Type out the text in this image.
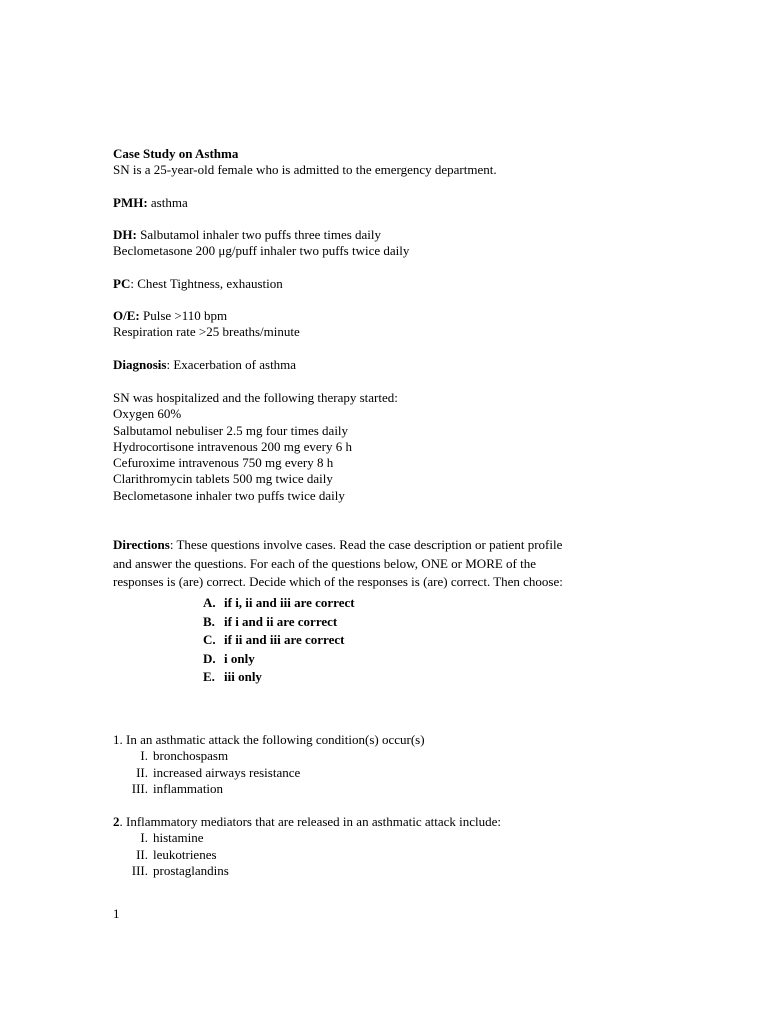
Case Study on Asthma
SN is a 25-year-old female who is admitted to the emergency department.
PMH: asthma
DH: Salbutamol inhaler two puffs three times daily
Beclometasone 200 μg/puff inhaler two puffs twice daily
PC: Chest Tightness, exhaustion
O/E: Pulse >110 bpm
Respiration rate >25 breaths/minute
Diagnosis: Exacerbation of asthma
SN was hospitalized and the following therapy started:
Oxygen 60%
Salbutamol nebuliser 2.5 mg four times daily
Hydrocortisone intravenous 200 mg every 6 h
Cefuroxime intravenous 750 mg every 8 h
Clarithromycin tablets 500 mg twice daily
Beclometasone inhaler two puffs twice daily
Directions: These questions involve cases. Read the case description or patient profile
and answer the questions. For each of the questions below, ONE or MORE of the
responses is (are) correct. Decide which of the responses is (are) correct. Then choose:
A. if i, ii and iii are correct
B. if i and ii are correct
C. if ii and iii are correct
D. i only
E. iii only
1. In an asthmatic attack the following condition(s) occur(s)
I. bronchospasm
II. increased airways resistance
III. inflammation
2. Inflammatory mediators that are released in an asthmatic attack include:
I. histamine
II. leukotrienes
III. prostaglandins
1
